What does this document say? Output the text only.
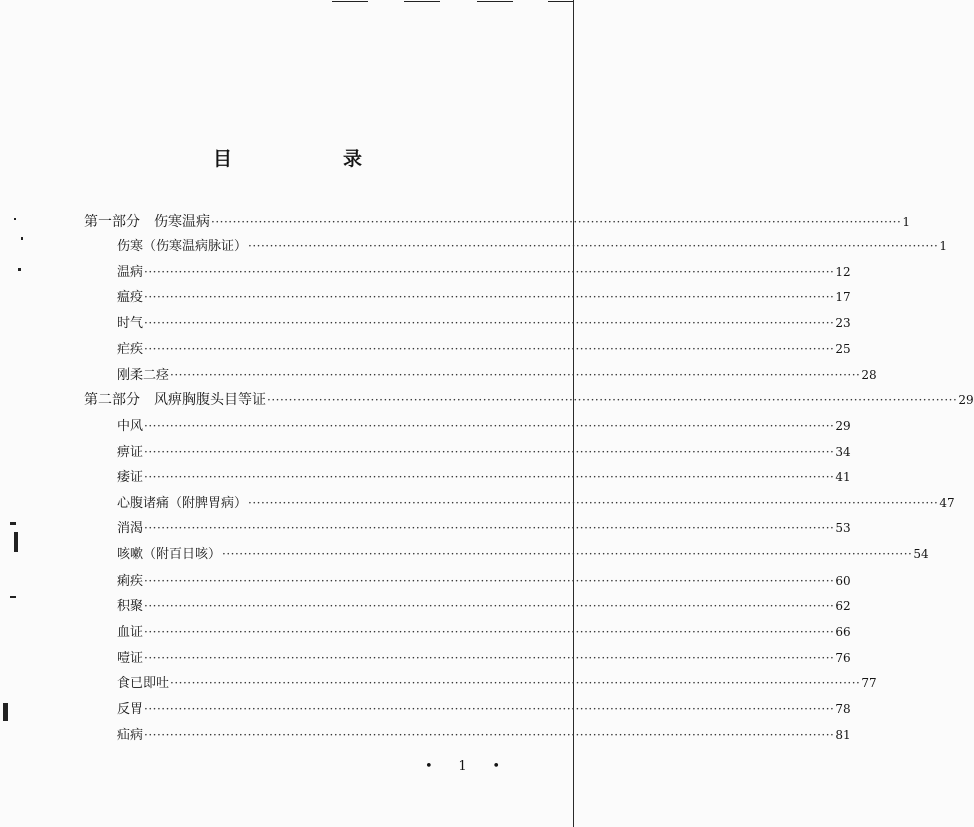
目　录
第一部分　伤寒温病 ································································································································································ 1
伤寒（伤寒温病脉证） ································································································································································ 1
温病 ································································································································································ 12
瘟疫 ································································································································································ 17
时气 ································································································································································ 23
疟疾 ································································································································································ 25
刚柔二痉 ································································································································································ 28
第二部分　风痹胸腹头目等证 ································································································································································ 29
中风 ································································································································································ 29
痹证 ································································································································································ 34
痿证 ································································································································································ 41
心腹诸痛（附脾胃病） ································································································································································ 47
消渴 ································································································································································ 53
咳嗽（附百日咳） ································································································································································ 54
痢疾 ································································································································································ 60
积聚 ································································································································································ 62
血证 ································································································································································ 66
噎证 ································································································································································ 76
食已即吐 ································································································································································ 77
反胃 ································································································································································ 78
疝病 ································································································································································ 81
• 1 •
